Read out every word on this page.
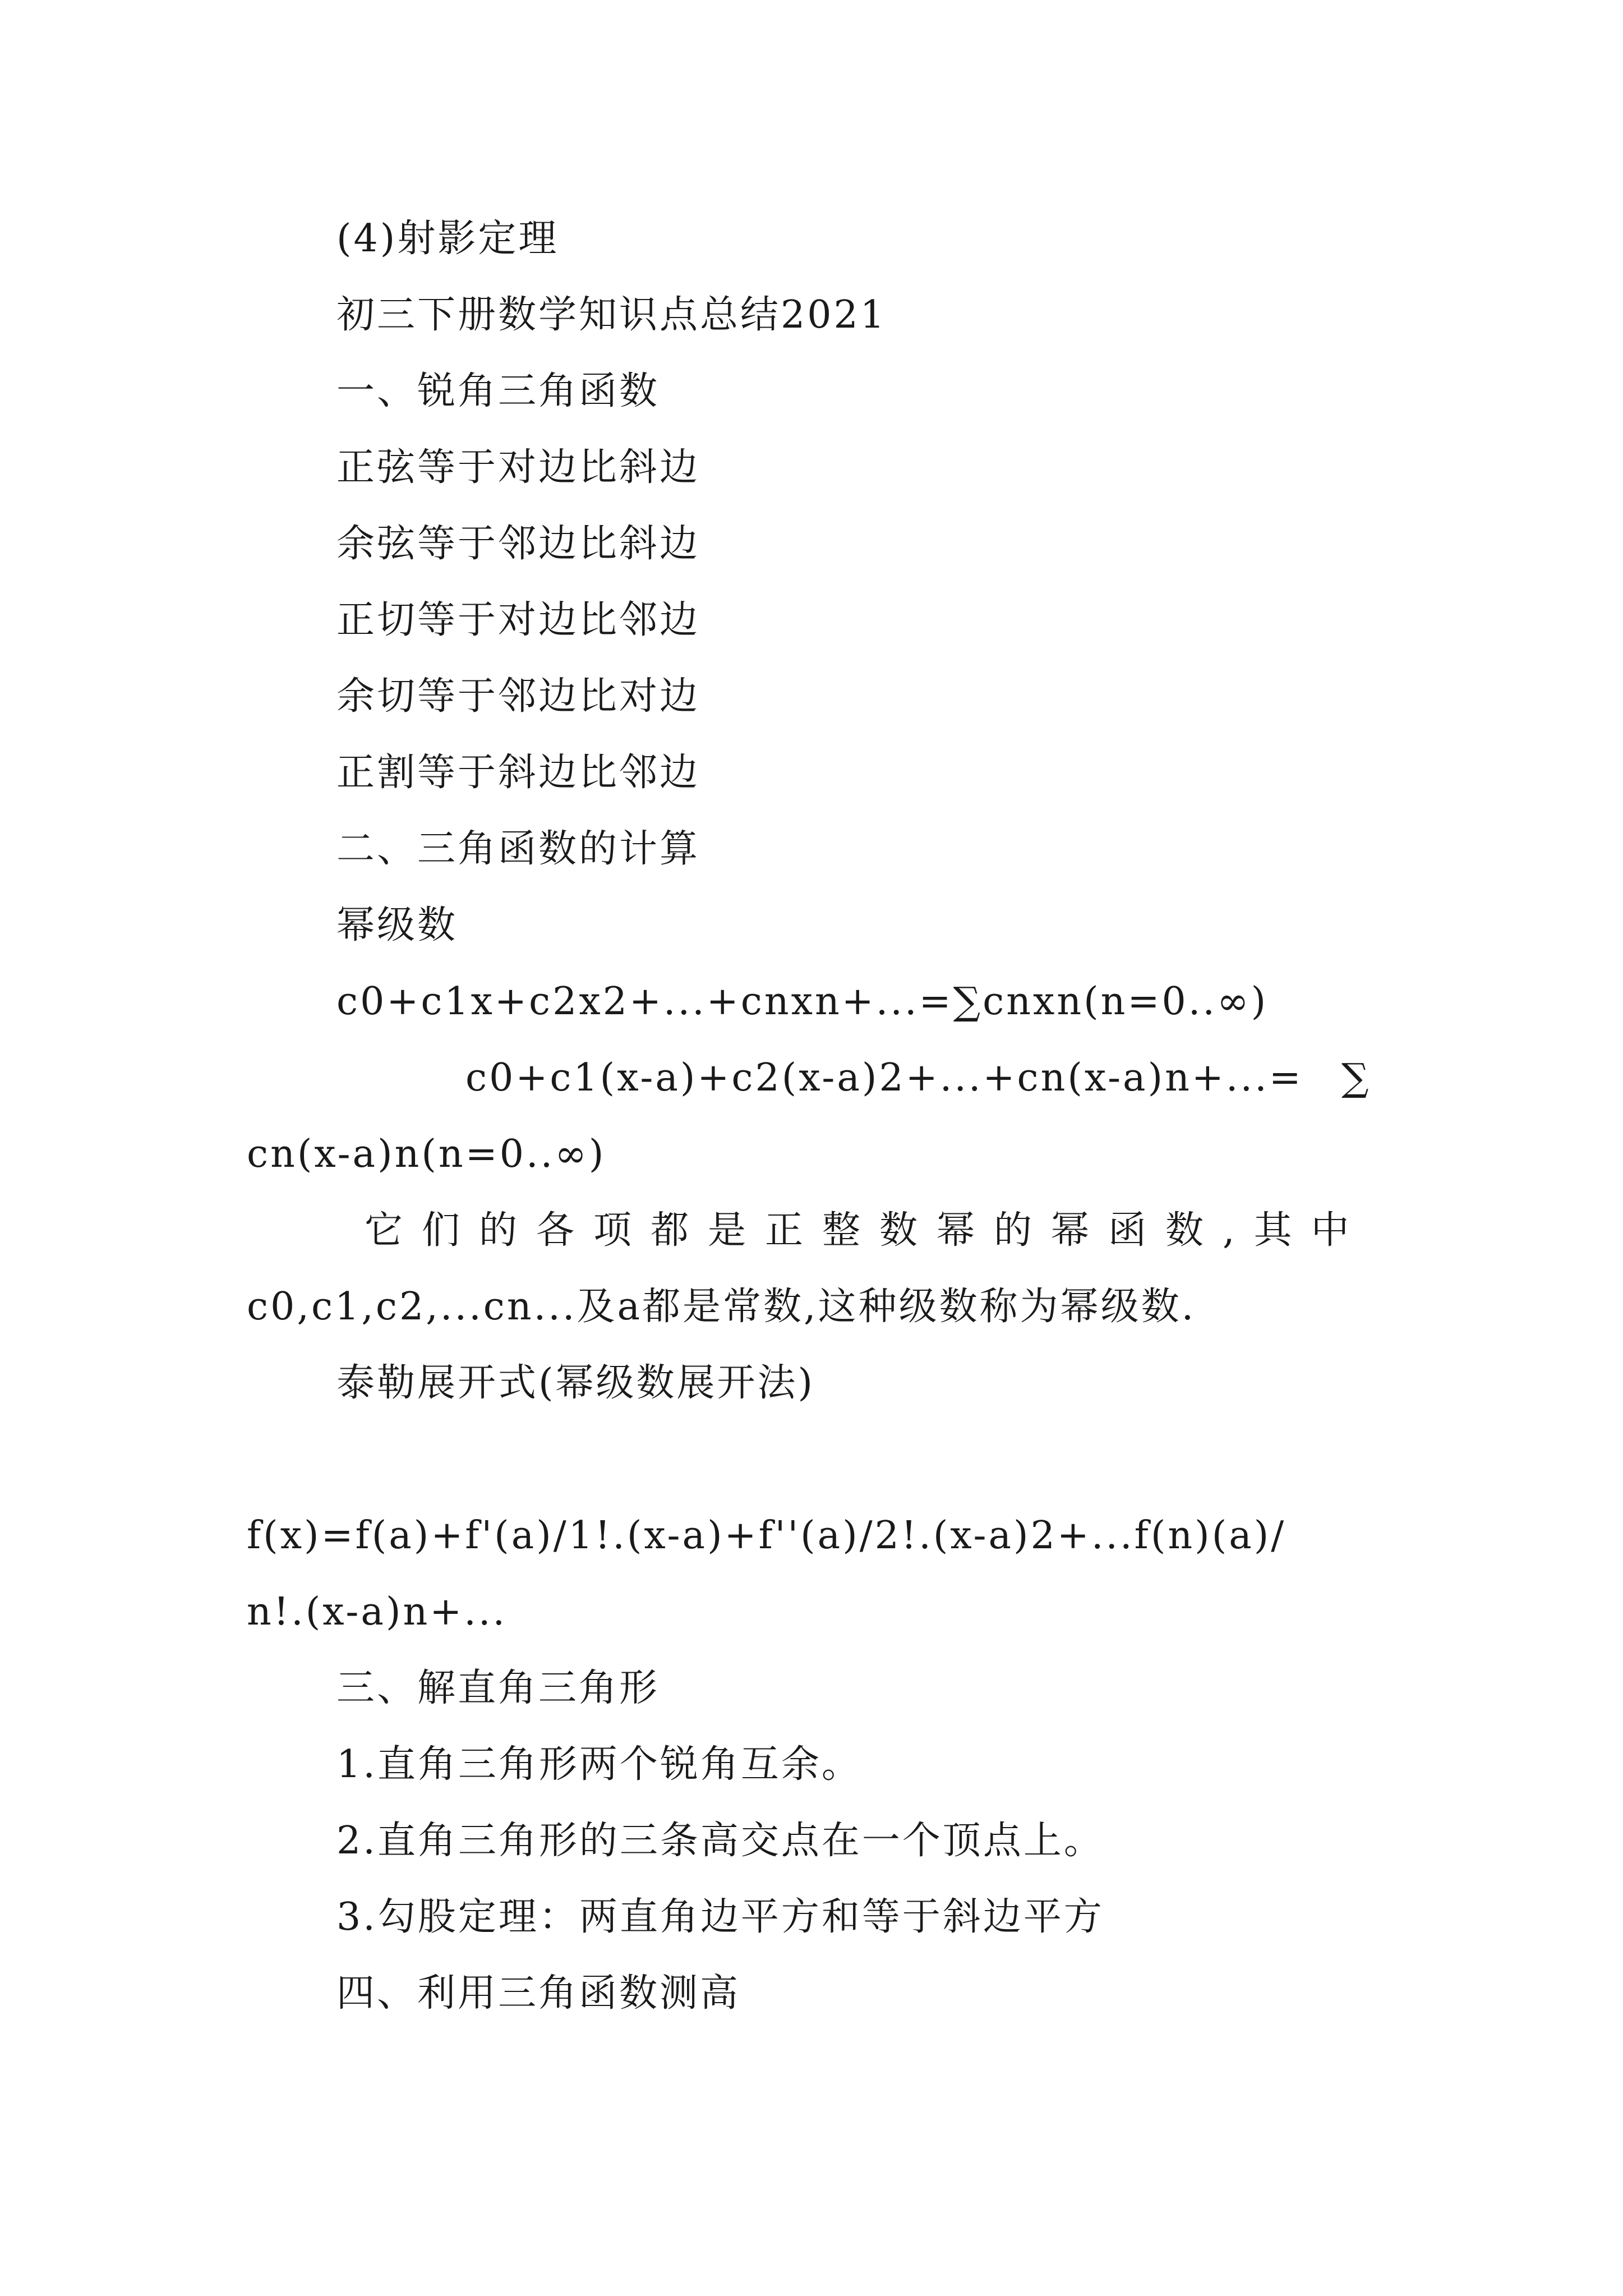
(4)射影定理
初三下册数学知识点总结2021
一、锐角三角函数
正弦等于对边比斜边
余弦等于邻边比斜边
正切等于对边比邻边
余切等于邻边比对边
正割等于斜边比邻边
二、三角函数的计算
幂级数
c0+c1x+c2x2+...+cnxn+...=∑cnxn(n=0..∞)
c0+c1(x-a)+c2(x-a)2+...+cn(x-a)n+...= ∑
cn(x-a)n(n=0..∞)
它们的各项都是正整数幂的幂函数,其中
c0,c1,c2,...cn...及a都是常数,这种级数称为幂级数.
泰勒展开式(幂级数展开法)
f(x)=f(a)+f'(a)/1!.(x-a)+f''(a)/2!.(x-a)2+...f(n)(a)/
n!.(x-a)n+...
三、解直角三角形
1.直角三角形两个锐角互余。
2.直角三角形的三条高交点在一个顶点上。
3.勾股定理：两直角边平方和等于斜边平方
四、利用三角函数测高
